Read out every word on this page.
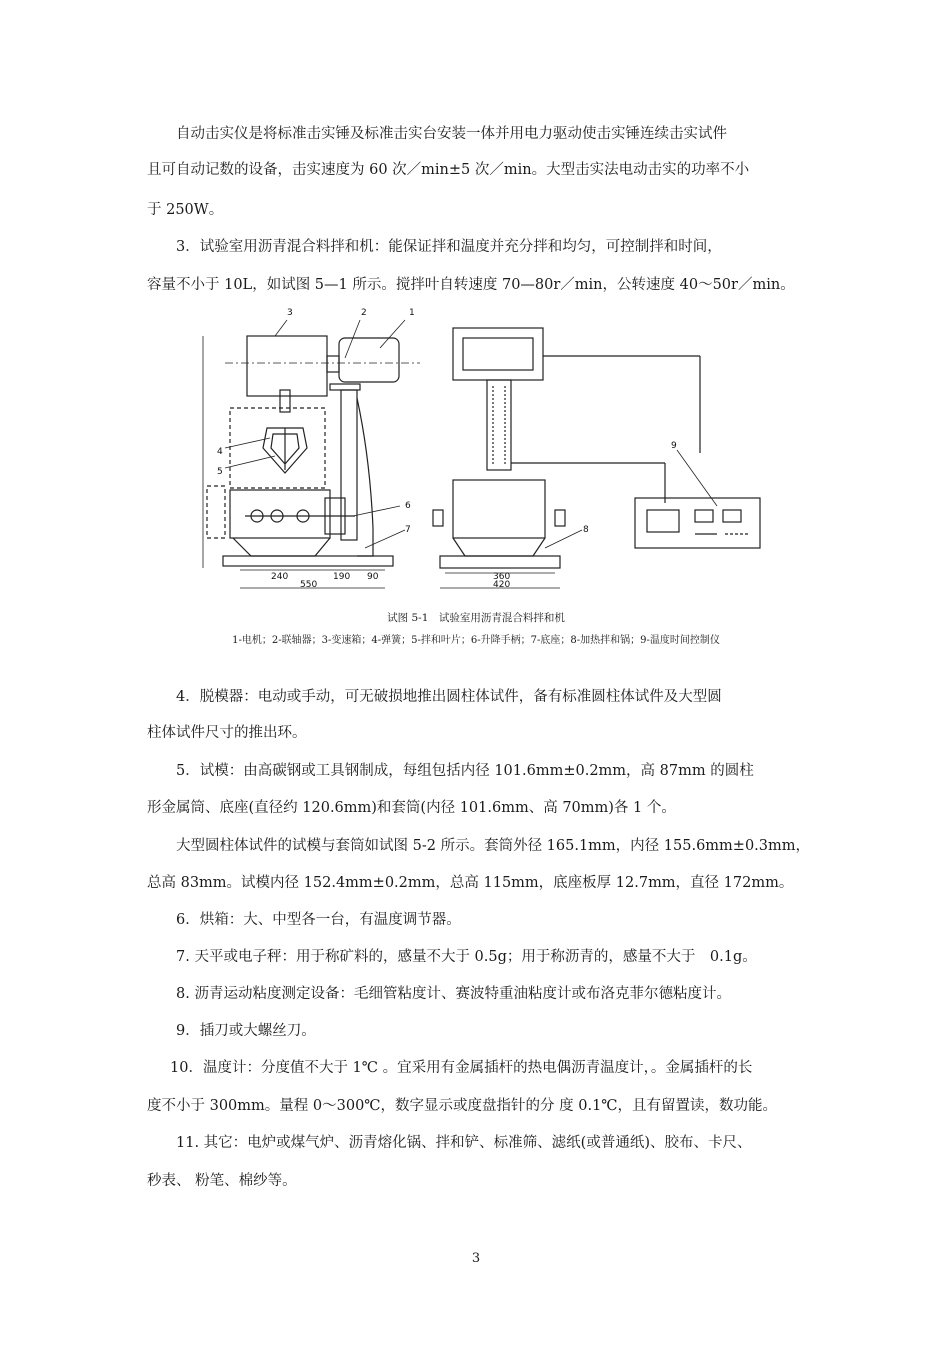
自动击实仪是将标准击实锤及标准击实台安装一体并用电力驱动使击实锤连续击实试件
且可自动记数的设备，击实速度为 60 次／min±5 次／min。大型击实法电动击实的功率不小
于 250W。
3．试验室用沥青混合料拌和机：能保证拌和温度并充分拌和均匀，可控制拌和时间，
容量不小于 10L，如试图 5—1 所示。搅拌叶自转速度 70—80r／min，公转速度 40～50r／min。
1
2
3
4
5
6
7	8
9
240	190 90
550
360
420
试图 5-1　试验室用沥青混合料拌和机
1-电机；2-联轴器；3-变速箱；4-弹簧；5-拌和叶片；6-升降手柄；7-底座；8-加热拌和锅；9-温度时间控制仪
4．脱模器：电动或手动，可无破损地推出圆柱体试件，备有标准圆柱体试件及大型圆
柱体试件尺寸的推出环。
5．试模：由高碳钢或工具钢制成，每组包括内径 101.6mm±0.2mm，高 87mm 的圆柱
形金属筒、底座(直径约 120.6mm)和套筒(内径 101.6mm、高 70mm)各 1 个。
大型圆柱体试件的试模与套筒如试图 5-2 所示。套筒外径 165.1mm，内径 155.6mm±0.3mm，
总高 83mm。试模内径 152.4mm±0.2mm，总高 115mm，底座板厚 12.7mm，直径 172mm。
6．烘箱：大、中型各一台，有温度调节器。
7. 天平或电子秤：用于称矿料的，感量不大于 0.5g；用于称沥青的，感量不大于　0.1g。
8. 沥青运动粘度测定设备：毛细管粘度计、赛波特重油粘度计或布洛克菲尔德粘度计。
9．插刀或大螺丝刀。
10．温度计：分度值不大于 1℃ 。宜采用有金属插杆的热电偶沥青温度计，。金属插杆的长
度不小于 300mm。量程 0～300℃，数字显示或度盘指针的分 度 0.1℃，且有留置读，数功能。
11. 其它：电炉或煤气炉、沥青熔化锅、拌和铲、标准筛、滤纸(或普通纸)、胶布、卡尺、
秒表、 粉笔、棉纱等。
3
